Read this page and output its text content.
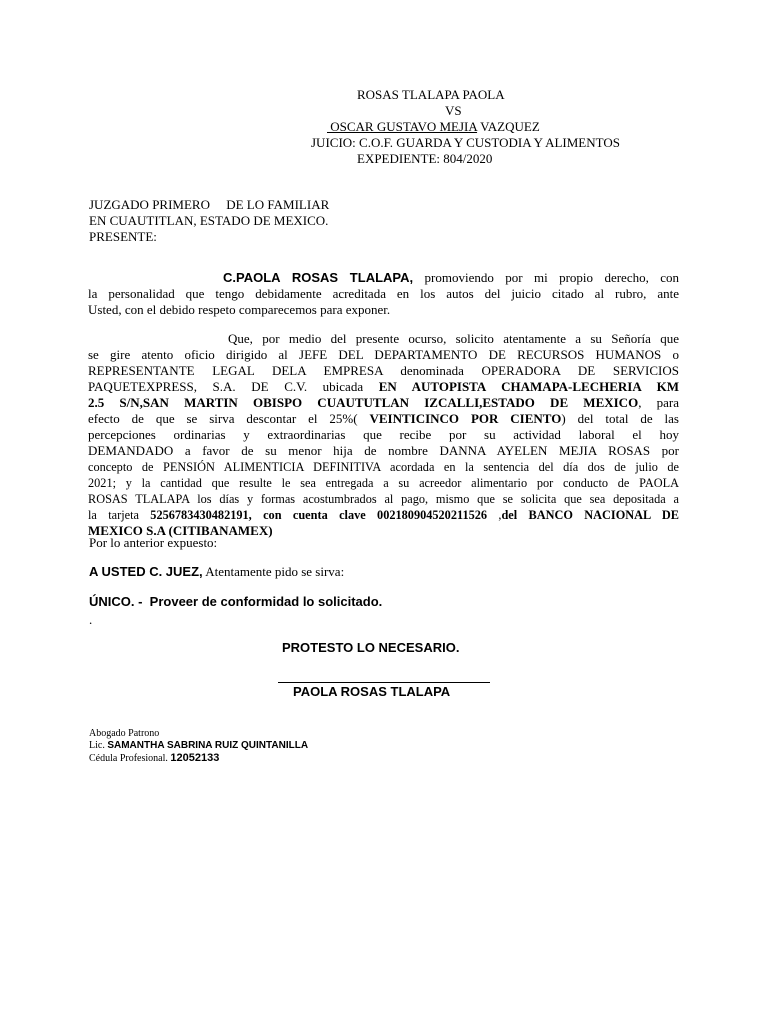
ROSAS TLALAPA PAOLA
VS
OSCAR GUSTAVO MEJIA VAZQUEZ
JUICIO: C.O.F. GUARDA Y CUSTODIA Y ALIMENTOS
EXPEDIENTE: 804/2020
JUZGADO PRIMERO     DE LO FAMILIAR
EN CUAUTITLAN, ESTADO DE MEXICO.
PRESENTE:
C.PAOLA ROSAS TLALAPA, promoviendo por mi propio derecho, con
la personalidad que tengo debidamente acreditada en los autos del juicio citado al rubro, ante
Usted, con el debido respeto comparecemos para exponer.
Que, por medio del presente ocurso, solicito atentamente a su Señoría que
se gire atento oficio dirigido al JEFE DEL DEPARTAMENTO DE RECURSOS HUMANOS o
REPRESENTANTE LEGAL DELA EMPRESA denominada OPERADORA DE SERVICIOS
PAQUETEXPRESS, S.A. DE C.V. ubicada EN AUTOPISTA CHAMAPA-LECHERIA KM
2.5 S/N,SAN MARTIN OBISPO CUAUTUTLAN IZCALLI,ESTADO DE MEXICO, para
efecto de que se sirva descontar el 25%( VEINTICINCO POR CIENTO) del total de las
percepciones ordinarias y extraordinarias que recibe por su actividad laboral el hoy
DEMANDADO a favor de su menor hija de nombre DANNA AYELEN MEJIA ROSAS por
concepto de PENSIÓN ALIMENTICIA DEFINITIVA acordada en la sentencia del día dos de julio de
2021; y la cantidad que resulte le sea entregada a su acreedor alimentario por conducto de PAOLA
ROSAS TLALAPA los días y formas acostumbrados al pago, mismo que se solicita que sea depositada a
la tarjeta 5256783430482191, con cuenta clave 002180904520211526 ,del BANCO NACIONAL DE
MEXICO S.A (CITIBANAMEX)
Por lo anterior expuesto:
A USTED C. JUEZ, Atentamente pido se sirva:
ÚNICO. -  Proveer de conformidad lo solicitado.
.
PROTESTO LO NECESARIO.
PAOLA ROSAS TLALAPA
Abogado Patrono
Lic. SAMANTHA SABRINA RUIZ QUINTANILLA
Cédula Profesional. 12052133
